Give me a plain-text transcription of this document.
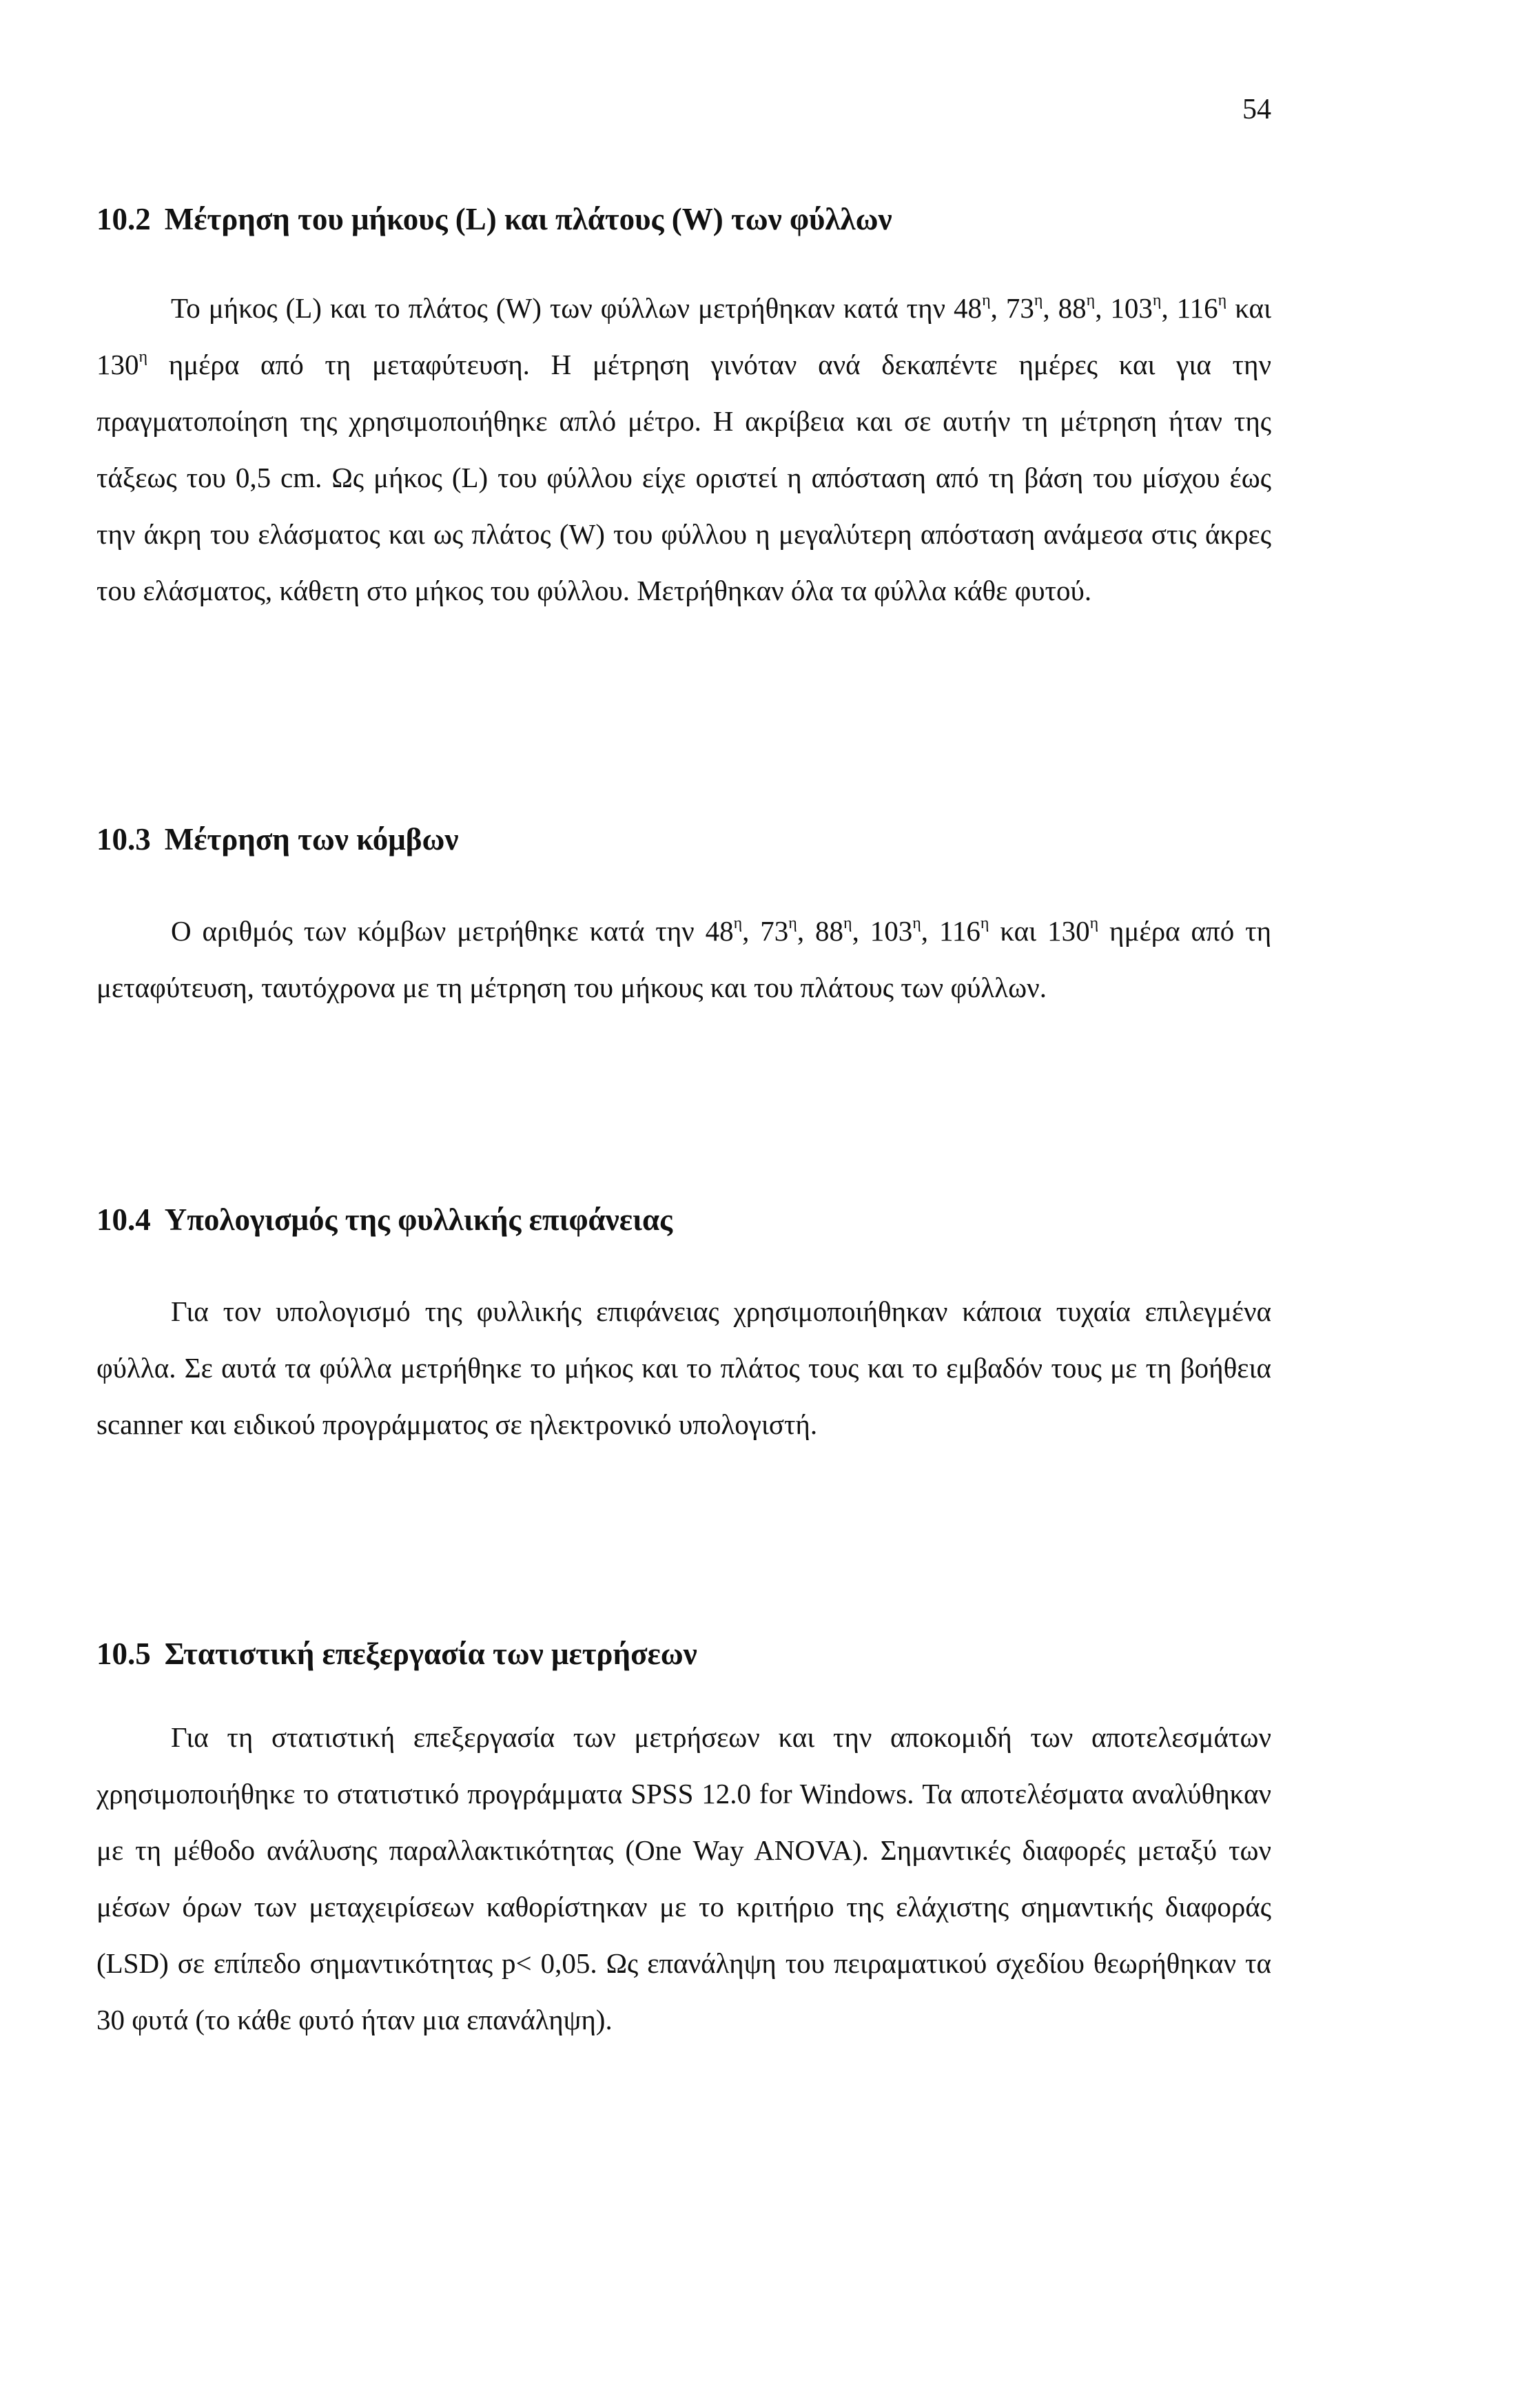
54
10.2 Μέτρηση του μήκους (L) και πλάτους (W) των φύλλων

Το μήκος (L) και το πλάτος (W) των φύλλων μετρήθηκαν κατά την $48^\eta$, $73^\eta$, $88^\eta$, $103^\eta$, $116^\eta$ και $130^\eta$ ημέρα από τη μεταφύτευση. Η μέτρηση γινόταν ανά δεκαπέντε ημέρες και για την πραγματοποίηση της χρησιμοποιήθηκε απλό μέτρο. Η ακρίβεια και σε αυτήν τη μέτρηση ήταν της τάξεως του 0,5 cm. Ως μήκος (L) του φύλλου είχε οριστεί η απόσταση από τη βάση του μίσχου έως την άκρη του ελάσματος και ως πλάτος (W) του φύλλου η μεγαλύτερη απόσταση ανάμεσα στις άκρες του ελάσματος, κάθετη στο μήκος του φύλλου. Μετρήθηκαν όλα τα φύλλα κάθε φυτού.

10.3 Μέτρηση των κόμβων

Ο αριθμός των κόμβων μετρήθηκε κατά την $48^\eta$, $73^\eta$, $88^\eta$, $103^\eta$, $116^\eta$ και $130^\eta$ ημέρα από τη μεταφύτευση, ταυτόχρονα με τη μέτρηση του μήκους και του πλάτους των φύλλων.

10.4 Υπολογισμός της φυλλικής επιφάνειας

Για τον υπολογισμό της φυλλικής επιφάνειας χρησιμοποιήθηκαν κάποια τυχαία επιλεγμένα φύλλα. Σε αυτά τα φύλλα μετρήθηκε το μήκος και το πλάτος τους και το εμβαδόν τους με τη βοήθεια scanner και ειδικού προγράμματος σε ηλεκτρονικό υπολογιστή.

10.5 Στατιστική επεξεργασία των μετρήσεων

Για τη στατιστική επεξεργασία των μετρήσεων και την αποκομιδή των αποτελεσμάτων χρησιμοποιήθηκε το στατιστικό προγράμματα SPSS 12.0 for Windows. Τα αποτελέσματα αναλύθηκαν με τη μέθοδο ανάλυσης παραλλακτικότητας (One Way ANOVA). Σημαντικές διαφορές μεταξύ των μέσων όρων των μεταχειρίσεων καθορίστηκαν με το κριτήριο της ελάχιστης σημαντικής διαφοράς (LSD) σε επίπεδο σημαντικότητας p< 0,05. Ως επανάληψη του πειραματικού σχεδίου θεωρήθηκαν τα 30 φυτά (το κάθε φυτό ήταν μια επανάληψη).
